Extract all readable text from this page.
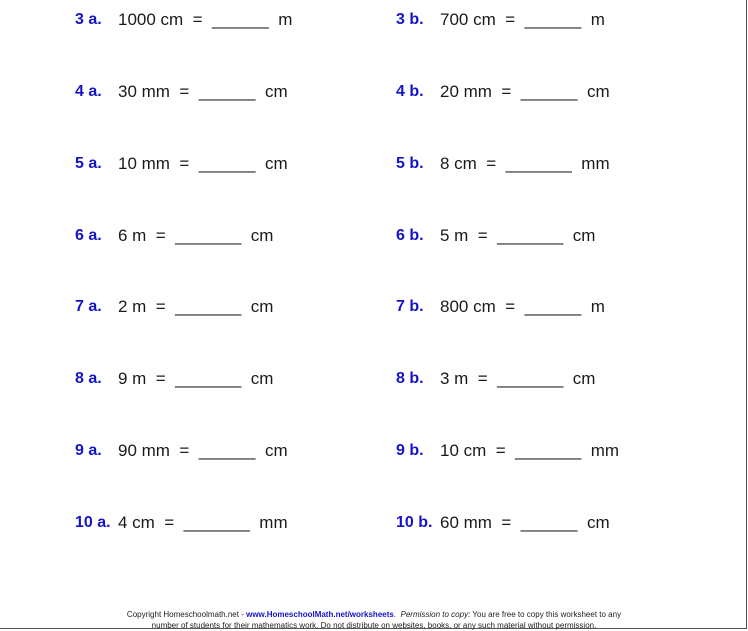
3 a. 1000 cm  =  ______  m	3 b. 700 cm  =  ______  m
4 a. 30 mm  =  ______  cm	4 b. 20 mm  =  ______  cm
5 a. 10 mm  =  ______  cm	5 b. 8 cm  =  _______  mm
6 a. 6 m  =  _______  cm	6 b. 5 m  =  _______  cm
7 a. 2 m  =  _______  cm	7 b. 800 cm  =  ______  m
8 a. 9 m  =  _______  cm	8 b. 3 m  =  _______  cm
9 a. 90 mm  =  ______  cm	9 b. 10 cm  =  _______  mm
10 a. 4 cm  =  _______  mm	10 b. 60 mm  =  ______  cm
Copyright Homeschoolmath.net - www.HomeschoolMath.net/worksheets.  Permission to copy: You are free to copy this worksheet to any
number of students for their mathematics work. Do not distribute on websites, books, or any such material without permission.
